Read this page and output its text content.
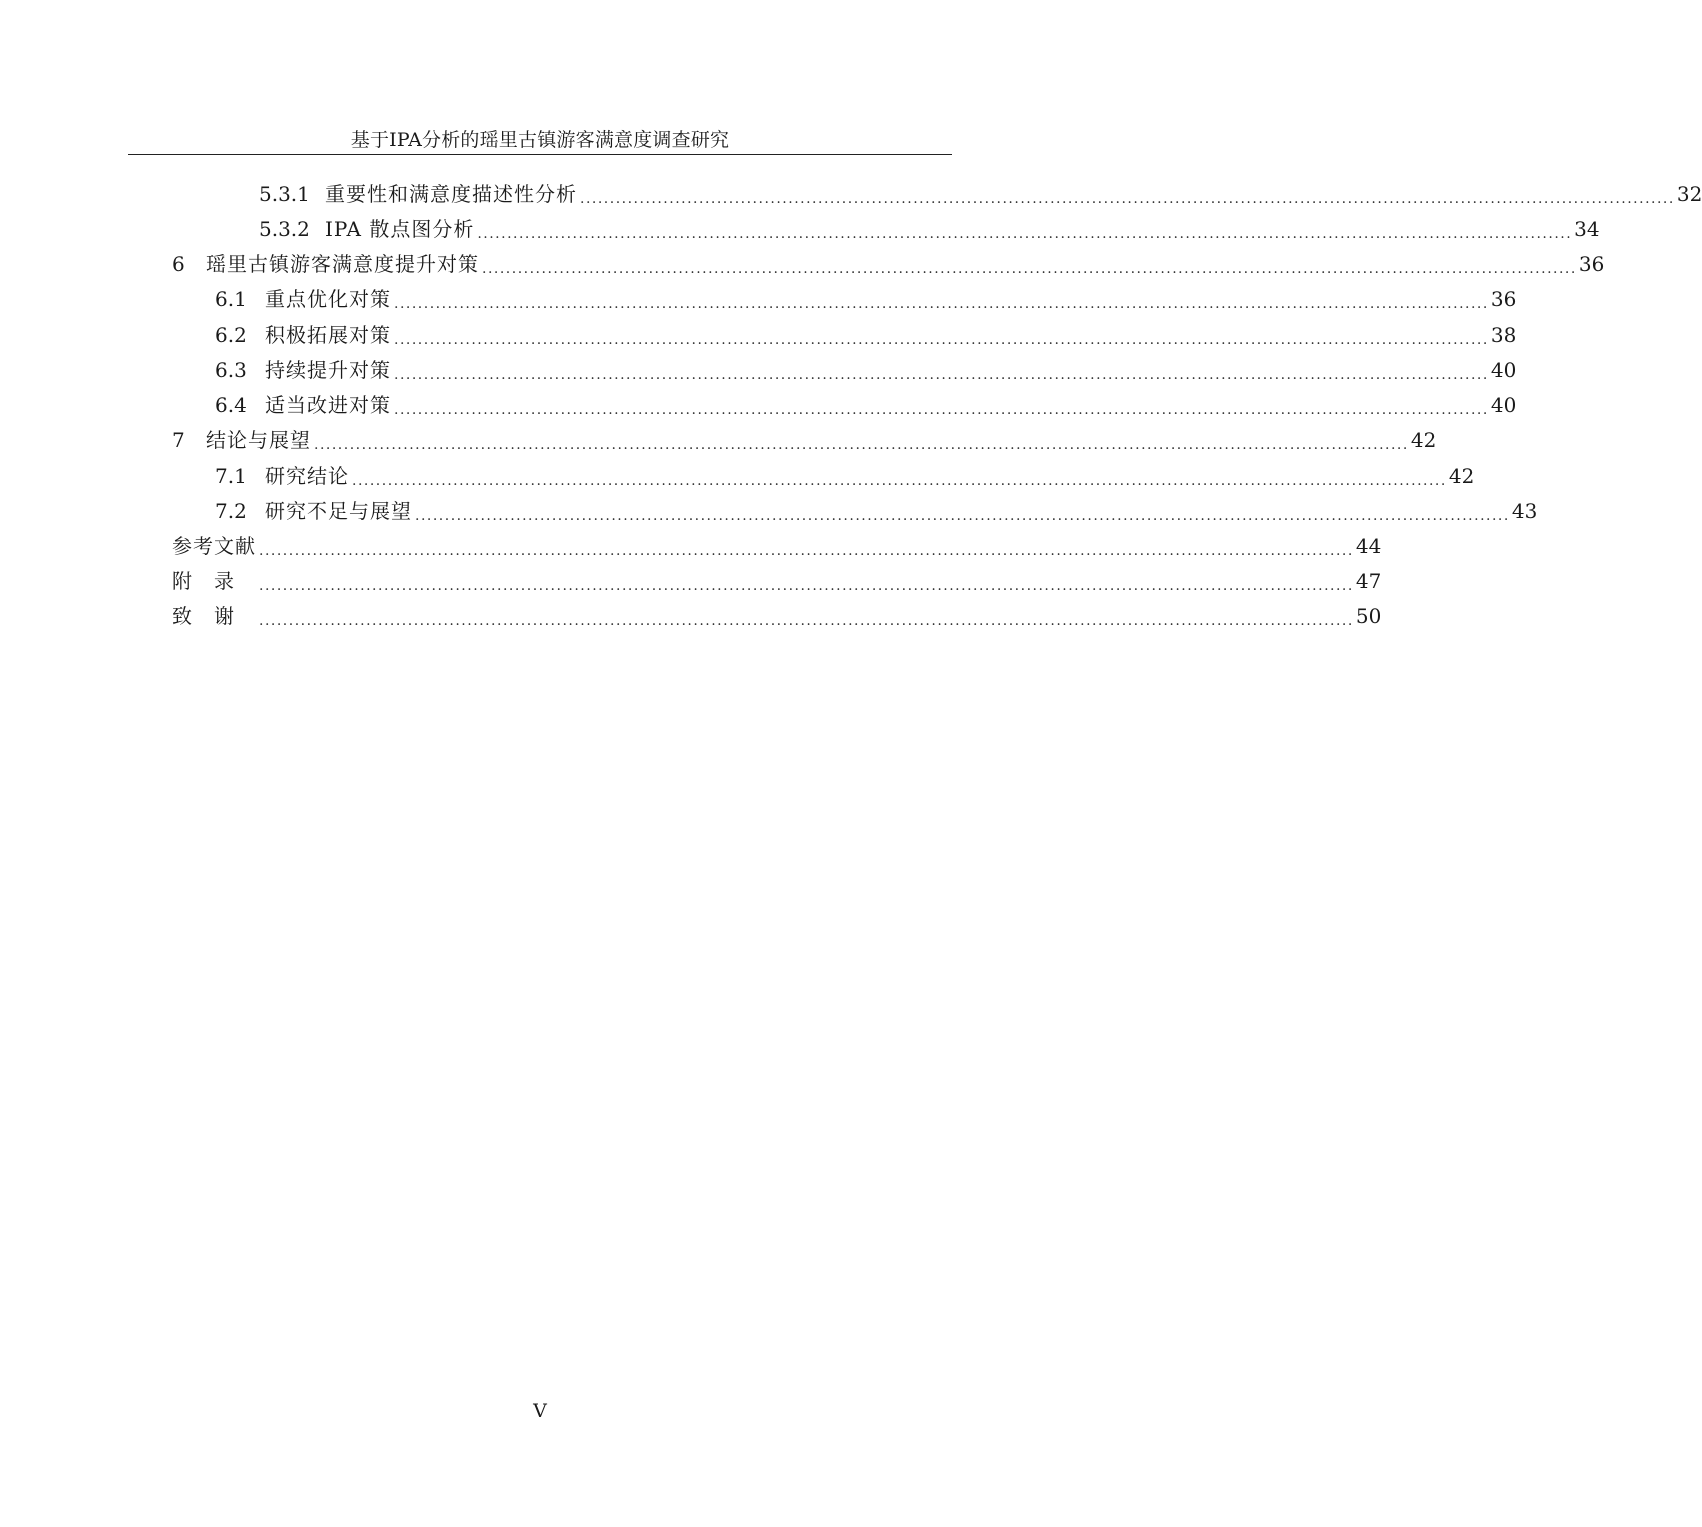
基于IPA分析的瑶里古镇游客满意度调查研究
5.3.1 重要性和满意度描述性分析 ........................................................................................................................................................................................ 32
5.3.2 IPA 散点图分析 ........................................................................................................................................................................................ 34
6	瑶里古镇游客满意度提升对策 ........................................................................................................................................................................................ 36
6.1 重点优化对策 ........................................................................................................................................................................................ 36
6.2 积极拓展对策 ........................................................................................................................................................................................ 38
6.3 持续提升对策 ........................................................................................................................................................................................ 40
6.4 适当改进对策 ........................................................................................................................................................................................ 40
7	结论与展望 ........................................................................................................................................................................................ 42
7.1 研究结论 ........................................................................................................................................................................................ 42
7.2 研究不足与展望 ........................................................................................................................................................................................ 43
参考文献 ........................................................................................................................................................................................ 44
附录 ........................................................................................................................................................................................ 47
致谢 ........................................................................................................................................................................................ 50
V
